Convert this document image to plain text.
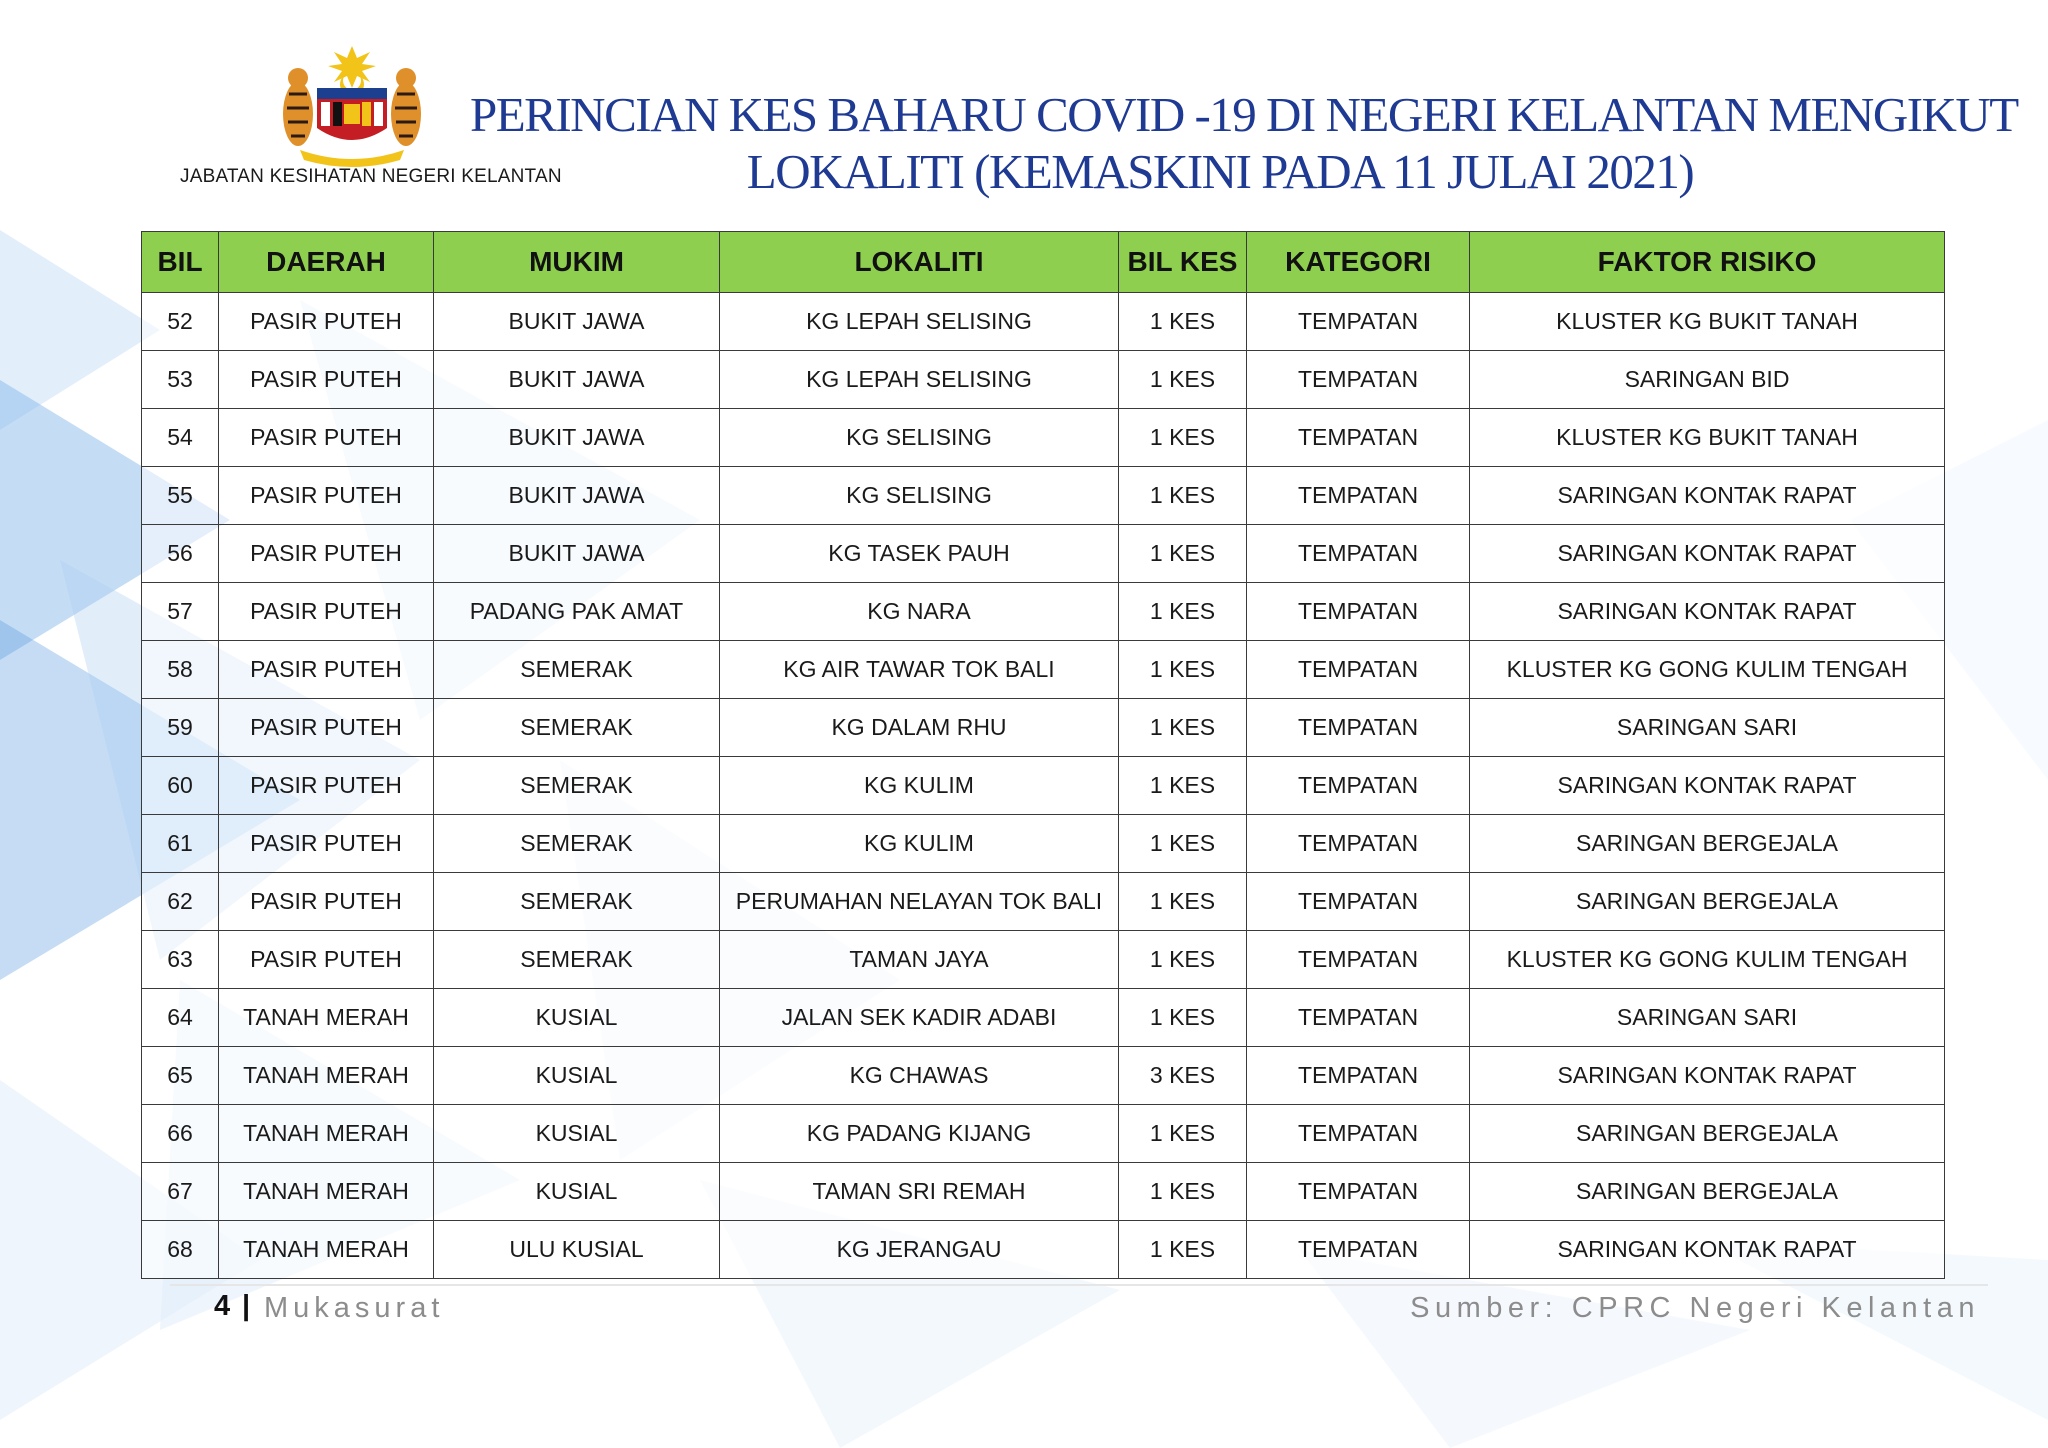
JABATAN KESIHATAN NEGERI KELANTAN
PERINCIAN KES BAHARU COVID -19 DI NEGERI KELANTAN MENGIKUT
LOKALITI (KEMASKINI PADA 11 JULAI 2021)
BIL	DAERAH	MUKIM	LOKALITI	BIL KES	KATEGORI	FAKTOR RISIKO
52	PASIR PUTEH	BUKIT JAWA	KG LEPAH SELISING	1 KES	TEMPATAN	KLUSTER KG BUKIT TANAH
53	PASIR PUTEH	BUKIT JAWA	KG LEPAH SELISING	1 KES	TEMPATAN	SARINGAN BID
54	PASIR PUTEH	BUKIT JAWA	KG SELISING	1 KES	TEMPATAN	KLUSTER KG BUKIT TANAH
55	PASIR PUTEH	BUKIT JAWA	KG SELISING	1 KES	TEMPATAN	SARINGAN KONTAK RAPAT
56	PASIR PUTEH	BUKIT JAWA	KG TASEK PAUH	1 KES	TEMPATAN	SARINGAN KONTAK RAPAT
57	PASIR PUTEH	PADANG PAK AMAT	KG NARA	1 KES	TEMPATAN	SARINGAN KONTAK RAPAT
58	PASIR PUTEH	SEMERAK	KG AIR TAWAR TOK BALI	1 KES	TEMPATAN	KLUSTER KG GONG KULIM TENGAH
59	PASIR PUTEH	SEMERAK	KG DALAM RHU	1 KES	TEMPATAN	SARINGAN SARI
60	PASIR PUTEH	SEMERAK	KG KULIM	1 KES	TEMPATAN	SARINGAN KONTAK RAPAT
61	PASIR PUTEH	SEMERAK	KG KULIM	1 KES	TEMPATAN	SARINGAN BERGEJALA
62	PASIR PUTEH	SEMERAK	PERUMAHAN NELAYAN TOK BALI	1 KES	TEMPATAN	SARINGAN BERGEJALA
63	PASIR PUTEH	SEMERAK	TAMAN JAYA	1 KES	TEMPATAN	KLUSTER KG GONG KULIM TENGAH
64	TANAH MERAH	KUSIAL	JALAN SEK KADIR ADABI	1 KES	TEMPATAN	SARINGAN SARI
65	TANAH MERAH	KUSIAL	KG CHAWAS	3 KES	TEMPATAN	SARINGAN KONTAK RAPAT
66	TANAH MERAH	KUSIAL	KG PADANG KIJANG	1 KES	TEMPATAN	SARINGAN BERGEJALA
67	TANAH MERAH	KUSIAL	TAMAN SRI REMAH	1 KES	TEMPATAN	SARINGAN BERGEJALA
68	TANAH MERAH	ULU KUSIAL	KG JERANGAU	1 KES	TEMPATAN	SARINGAN KONTAK RAPAT
4 | Mukasurat	Sumber: CPRC Negeri Kelantan
